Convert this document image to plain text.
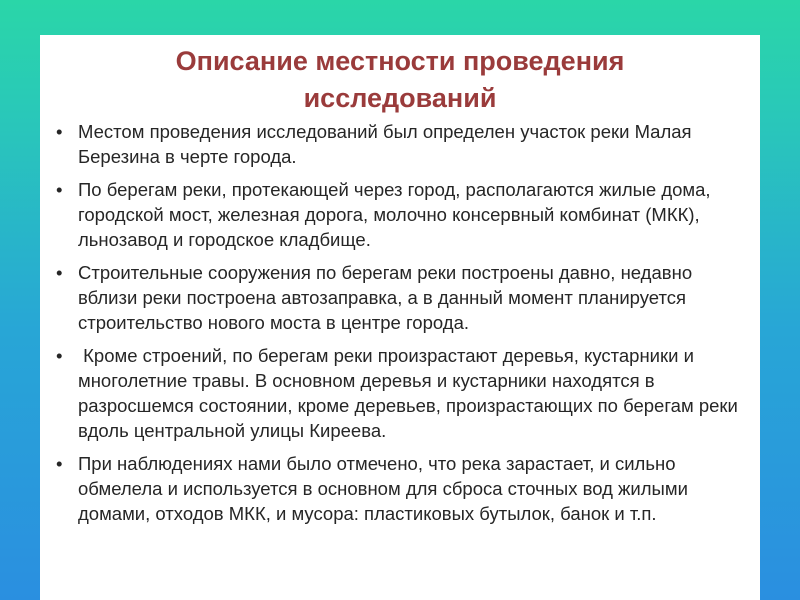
Описание местности проведения
исследований
• Местом проведения исследований был определен участок реки Малая Березина в черте города.
• По берегам реки, протекающей через город, располагаются жилые дома, городской мост, железная дорога, молочно консервный комбинат (МКК), льнозавод и городское кладбище.
• Строительные сооружения по берегам реки построены давно, недавно вблизи реки построена автозаправка, а в данный момент планируется строительство нового моста в центре города.
• Кроме строений, по берегам реки произрастают деревья, кустарники и многолетние травы. В основном деревья и кустарники находятся в разросшемся состоянии, кроме деревьев, произрастающих по берегам реки вдоль центральной улицы Киреева.
• При наблюдениях нами было отмечено, что река зарастает, и сильно обмелела и используется в основном для сброса сточных вод жилыми домами, отходов МКК, и мусора: пластиковых бутылок, банок и т.п.
